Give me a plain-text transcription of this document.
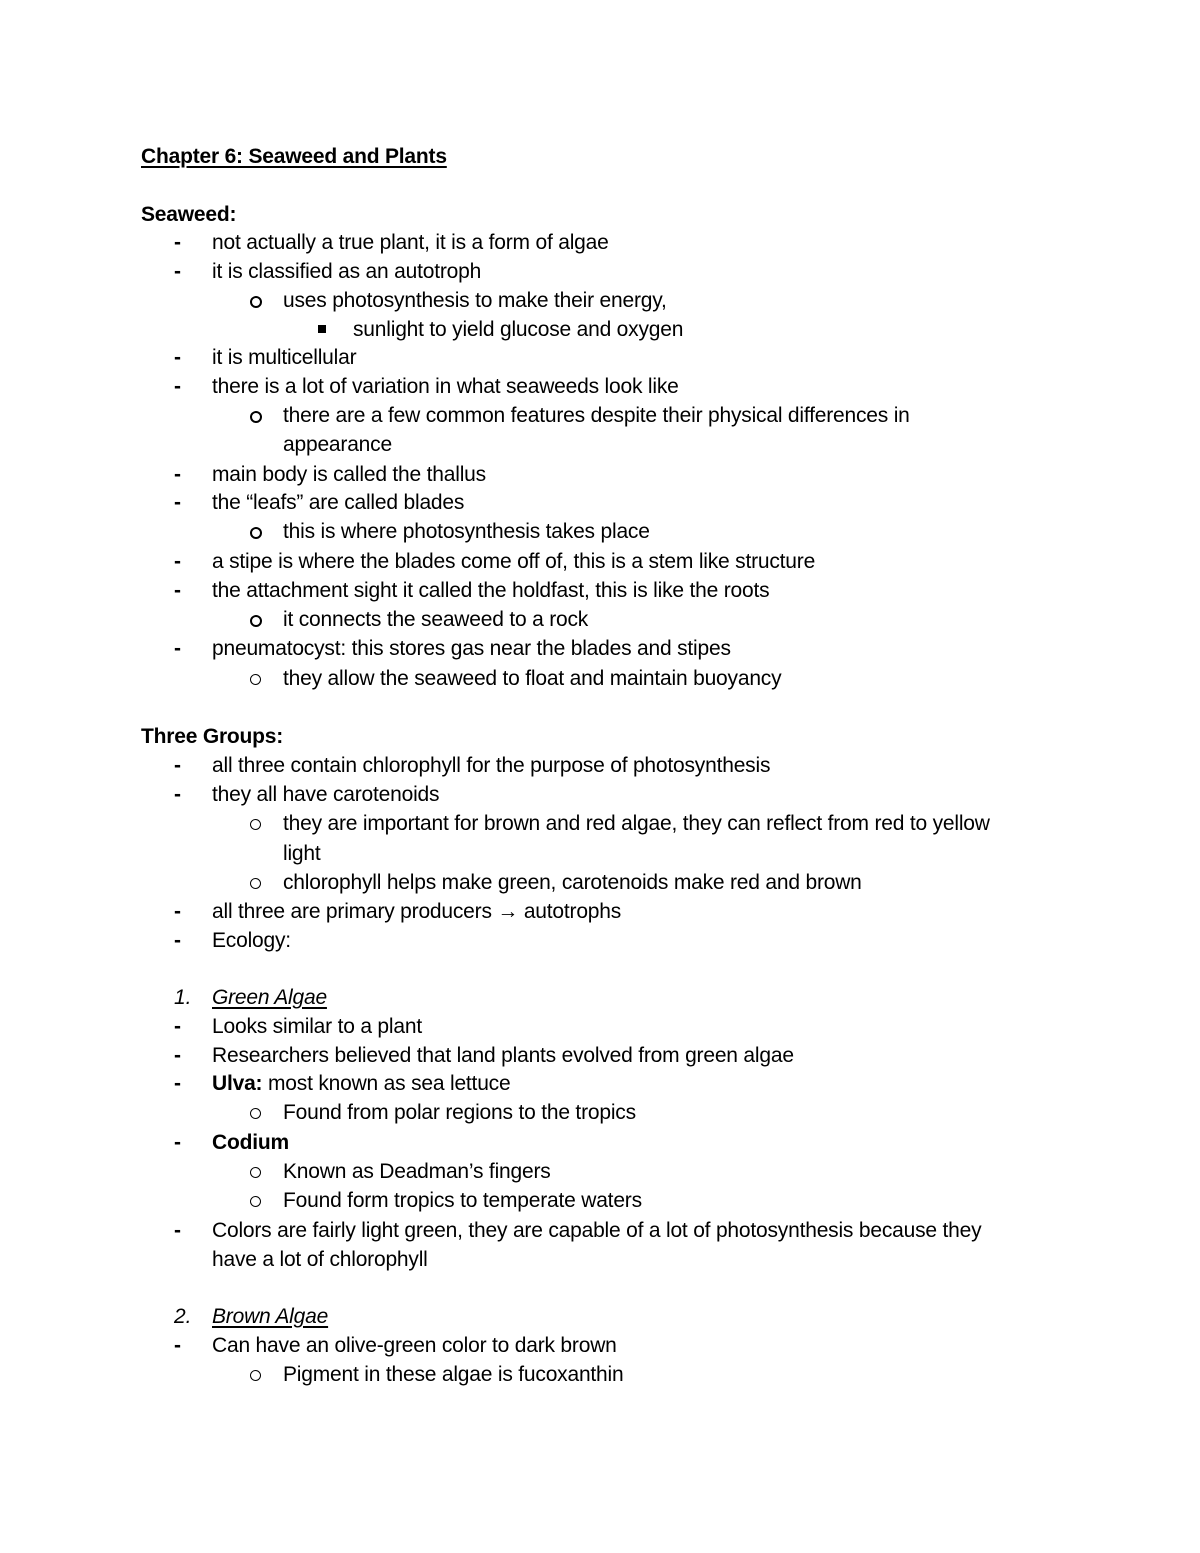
Chapter 6: Seaweed and Plants
Seaweed:
- not actually a true plant, it is a form of algae
- it is classified as an autotroph
uses photosynthesis to make their energy,
sunlight to yield glucose and oxygen
- it is multicellular
- there is a lot of variation in what seaweeds look like
there are a few common features despite their physical differences in
appearance
- main body is called the thallus
- the “leafs” are called blades
this is where photosynthesis takes place
- a stipe is where the blades come off of, this is a stem like structure
- the attachment sight it called the holdfast, this is like the roots
it connects the seaweed to a rock
- pneumatocyst: this stores gas near the blades and stipes
they allow the seaweed to float and maintain buoyancy
Three Groups:
- all three contain chlorophyll for the purpose of photosynthesis
- they all have carotenoids
they are important for brown and red algae, they can reflect from red to yellow
light
chlorophyll helps make green, carotenoids make red and brown
- all three are primary producers → autotrophs
- Ecology:
1. Green Algae
- Looks similar to a plant
- Researchers believed that land plants evolved from green algae
- Ulva: most known as sea lettuce
Found from polar regions to the tropics
- Codium
Known as Deadman’s fingers
Found form tropics to temperate waters
- Colors are fairly light green, they are capable of a lot of photosynthesis because they
have a lot of chlorophyll
2. Brown Algae
- Can have an olive-green color to dark brown
Pigment in these algae is fucoxanthin
